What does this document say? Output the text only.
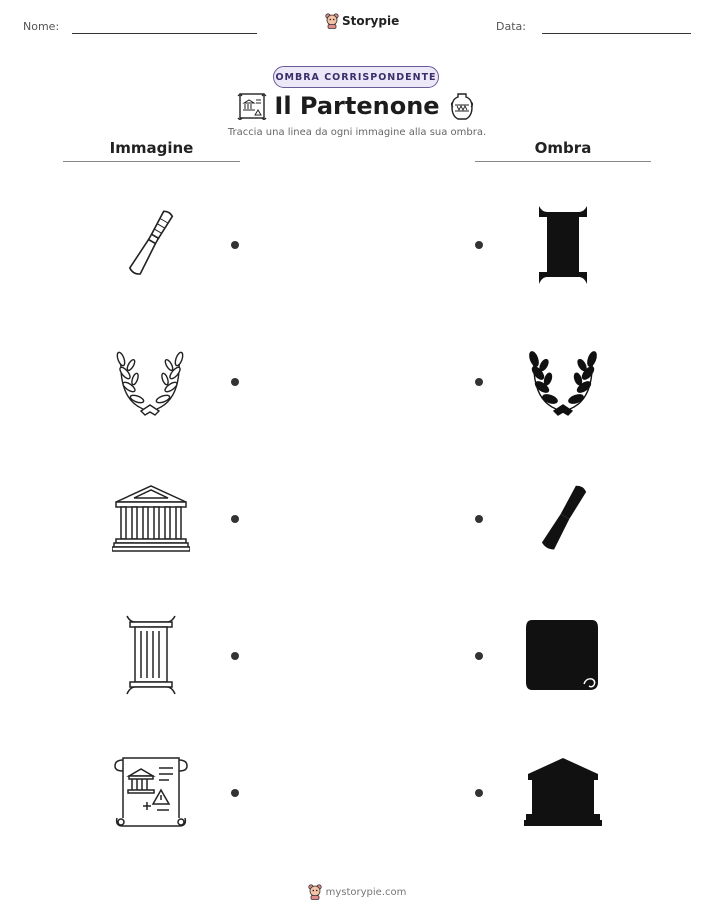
Nome:	Storypie	Data:
OMBRA CORRISPONDENTE
Il Partenone
Traccia una linea da ogni immagine alla sua ombra.
Immagine	Ombra
mystorypie.com
